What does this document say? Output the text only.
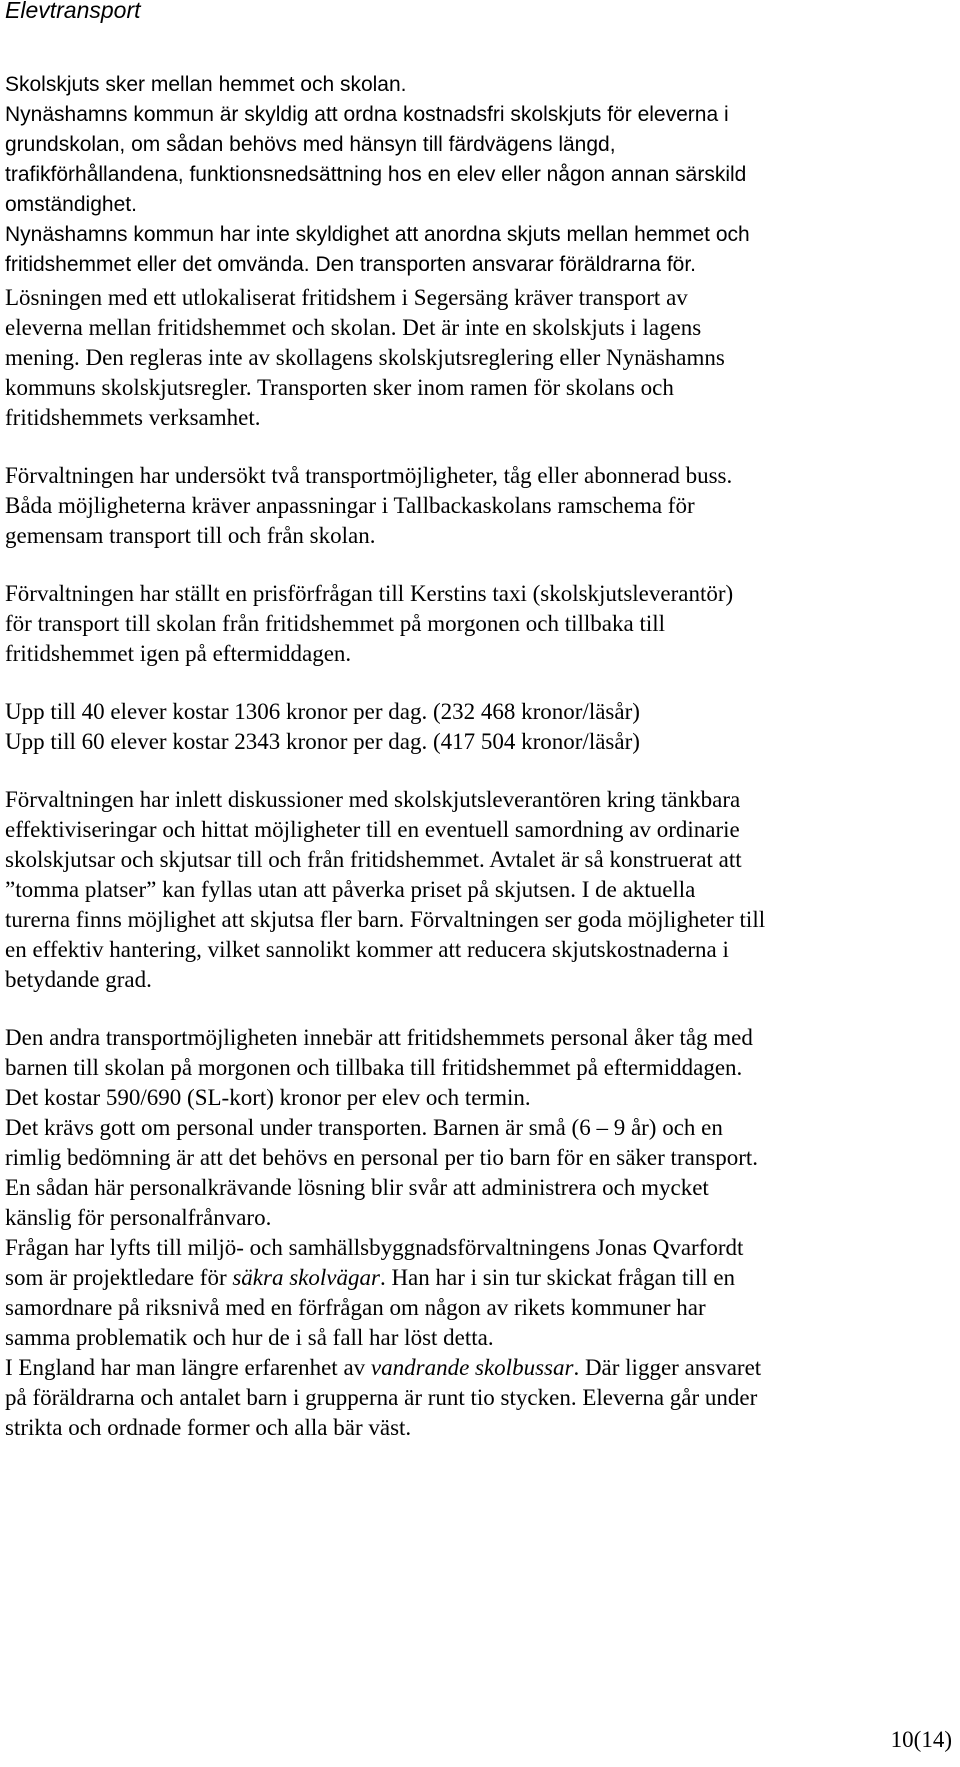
Elevtransport
Skolskjuts sker mellan hemmet och skolan.
Nynäshamns kommun är skyldig att ordna kostnadsfri skolskjuts för eleverna i
grundskolan, om sådan behövs med hänsyn till färdvägens längd,
trafikförhållandena, funktionsnedsättning hos en elev eller någon annan särskild
omständighet.
Nynäshamns kommun har inte skyldighet att anordna skjuts mellan hemmet och
fritidshemmet eller det omvända. Den transporten ansvarar föräldrarna för.
Lösningen med ett utlokaliserat fritidshem i Segersäng kräver transport av
eleverna mellan fritidshemmet och skolan. Det är inte en skolskjuts i lagens
mening. Den regleras inte av skollagens skolskjutsreglering eller Nynäshamns
kommuns skolskjutsregler. Transporten sker inom ramen för skolans och
fritidshemmets verksamhet.
Förvaltningen har undersökt två transportmöjligheter, tåg eller abonnerad buss.
Båda möjligheterna kräver anpassningar i Tallbackaskolans ramschema för
gemensam transport till och från skolan.
Förvaltningen har ställt en prisförfrågan till Kerstins taxi (skolskjutsleverantör)
för transport till skolan från fritidshemmet på morgonen och tillbaka till
fritidshemmet igen på eftermiddagen.
Upp till 40 elever kostar 1306 kronor per dag. (232 468 kronor/läsår)
Upp till 60 elever kostar 2343 kronor per dag. (417 504 kronor/läsår)
Förvaltningen har inlett diskussioner med skolskjutsleverantören kring tänkbara
effektiviseringar och hittat möjligheter till en eventuell samordning av ordinarie
skolskjutsar och skjutsar till och från fritidshemmet. Avtalet är så konstruerat att
”tomma platser” kan fyllas utan att påverka priset på skjutsen. I de aktuella
turerna finns möjlighet att skjutsa fler barn. Förvaltningen ser goda möjligheter till
en effektiv hantering, vilket sannolikt kommer att reducera skjutskostnaderna i
betydande grad.
Den andra transportmöjligheten innebär att fritidshemmets personal åker tåg med
barnen till skolan på morgonen och tillbaka till fritidshemmet på eftermiddagen.
Det kostar 590/690 (SL-kort) kronor per elev och termin.
Det krävs gott om personal under transporten. Barnen är små (6 – 9 år) och en
rimlig bedömning är att det behövs en personal per tio barn för en säker transport.
En sådan här personalkrävande lösning blir svår att administrera och mycket
känslig för personalfrånvaro.
Frågan har lyfts till miljö- och samhällsbyggnadsförvaltningens Jonas Qvarfordt
som är projektledare för säkra skolvägar. Han har i sin tur skickat frågan till en
samordnare på riksnivå med en förfrågan om någon av rikets kommuner har
samma problematik och hur de i så fall har löst detta.
I England har man längre erfarenhet av vandrande skolbussar. Där ligger ansvaret
på föräldrarna och antalet barn i grupperna är runt tio stycken. Eleverna går under
strikta och ordnade former och alla bär väst.
10(14)
